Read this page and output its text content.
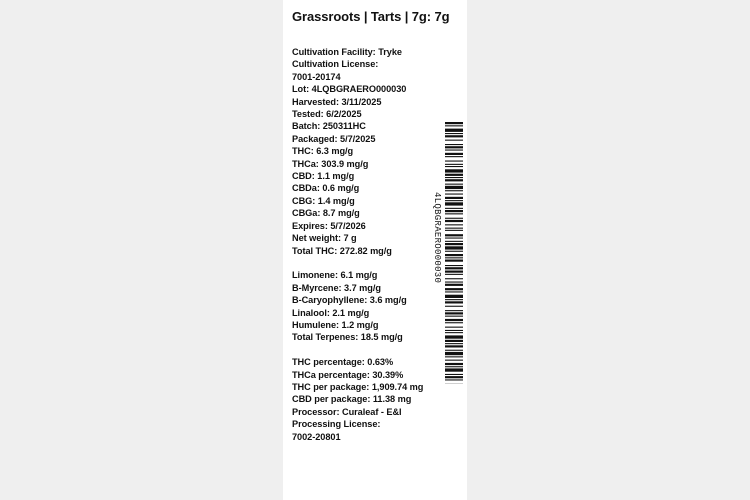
Grassroots | Tarts | 7g: 7g
Cultivation Facility: Tryke
Cultivation License:
7001-20174
Lot: 4LQBGRAERO000030
Harvested: 3/11/2025
Tested: 6/2/2025
Batch: 250311HC
Packaged: 5/7/2025
THC: 6.3 mg/g
THCa: 303.9 mg/g
CBD: 1.1 mg/g
CBDa: 0.6 mg/g
CBG: 1.4 mg/g
CBGa: 8.7 mg/g
Expires: 5/7/2026
Net weight: 7 g
Total THC: 272.82 mg/g
Limonene: 6.1 mg/g
B-Myrcene: 3.7 mg/g
B-Caryophyllene: 3.6 mg/g
Linalool: 2.1 mg/g
Humulene: 1.2 mg/g
Total Terpenes: 18.5 mg/g
THC percentage: 0.63%
THCa percentage: 30.39%
THC per package: 1,909.74 mg
CBD per package: 11.38 mg
Processor: Curaleaf - E&I
Processing License:
7002-20801
4LQBGRAERO000030
